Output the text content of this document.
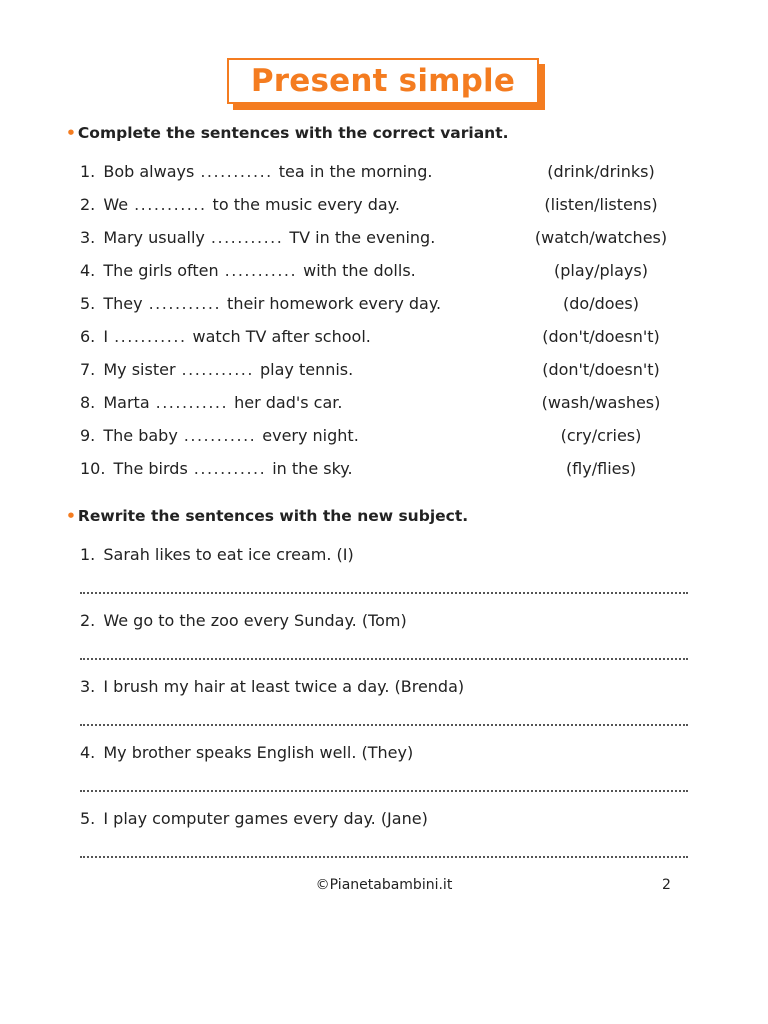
Present simple
• Complete the sentences with the correct variant.
1. Bob always ........... tea in the morning.	(drink/drinks)
2. We ........... to the music every day.	(listen/listens)
3. Mary usually ........... TV in the evening.	(watch/watches)
4. The girls often ........... with the dolls.	(play/plays)
5. They ........... their homework every day.	(do/does)
6. I ........... watch TV after school.	(don't/doesn't)
7. My sister ........... play tennis.	(don't/doesn't)
8. Marta ........... her dad's car.	(wash/washes)
9. The baby ........... every night.	(cry/cries)
10. The birds ........... in the sky.	(fly/flies)
• Rewrite the sentences with the new subject.
1. Sarah likes to eat ice cream. (I)
2. We go to the zoo every Sunday. (Tom)
3. I brush my hair at least twice a day. (Brenda)
4. My brother speaks English well. (They)
5. I play computer games every day. (Jane)
©Pianetabambini.it	2
